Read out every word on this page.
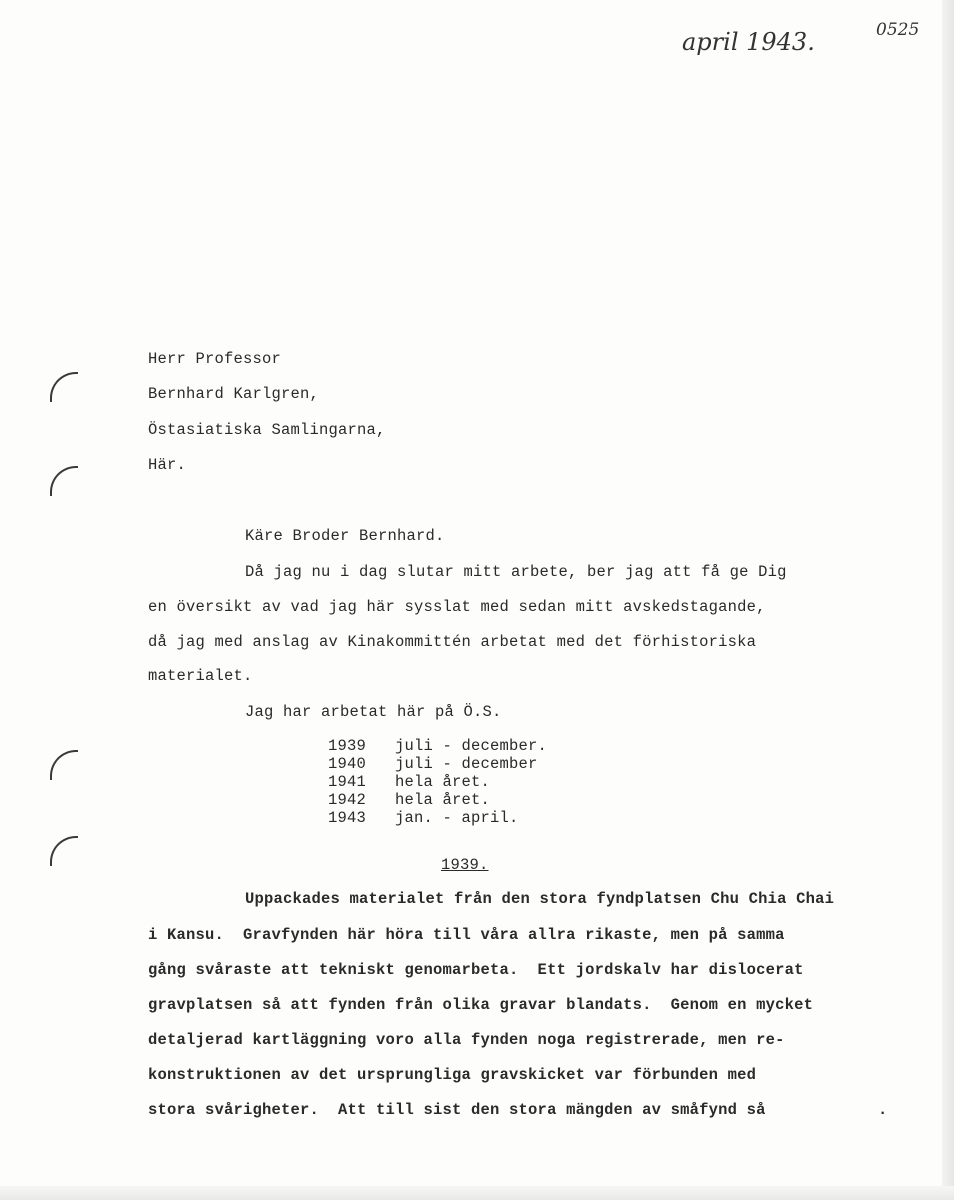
april 1943.	0525
Herr Professor
Bernhard Karlgren,
Östasiatiska Samlingarna,
Här.
Käre Broder Bernhard.
Då jag nu i dag slutar mitt arbete, ber jag att få ge Dig
en översikt av vad jag här sysslat med sedan mitt avskedstagande,
då jag med anslag av Kinakommittén arbetat med det förhistoriska
materialet.
Jag har arbetat här på Ö.S.
1939 juli - december.
1940 juli - december
1941 hela året.
1942 hela året.
1943 jan. - april.
1939.
Uppackades materialet från den stora fyndplatsen Chu Chia Chai
i Kansu.  Gravfynden här höra till våra allra rikaste, men på samma
gång svåraste att tekniskt genomarbeta.  Ett jordskalv har dislocerat
gravplatsen så att fynden från olika gravar blandats.  Genom en mycket
detaljerad kartläggning voro alla fynden noga registrerade, men re-
konstruktionen av det ursprungliga gravskicket var förbunden med
stora svårigheter.  Att till sist den stora mängden av småfynd så	.
